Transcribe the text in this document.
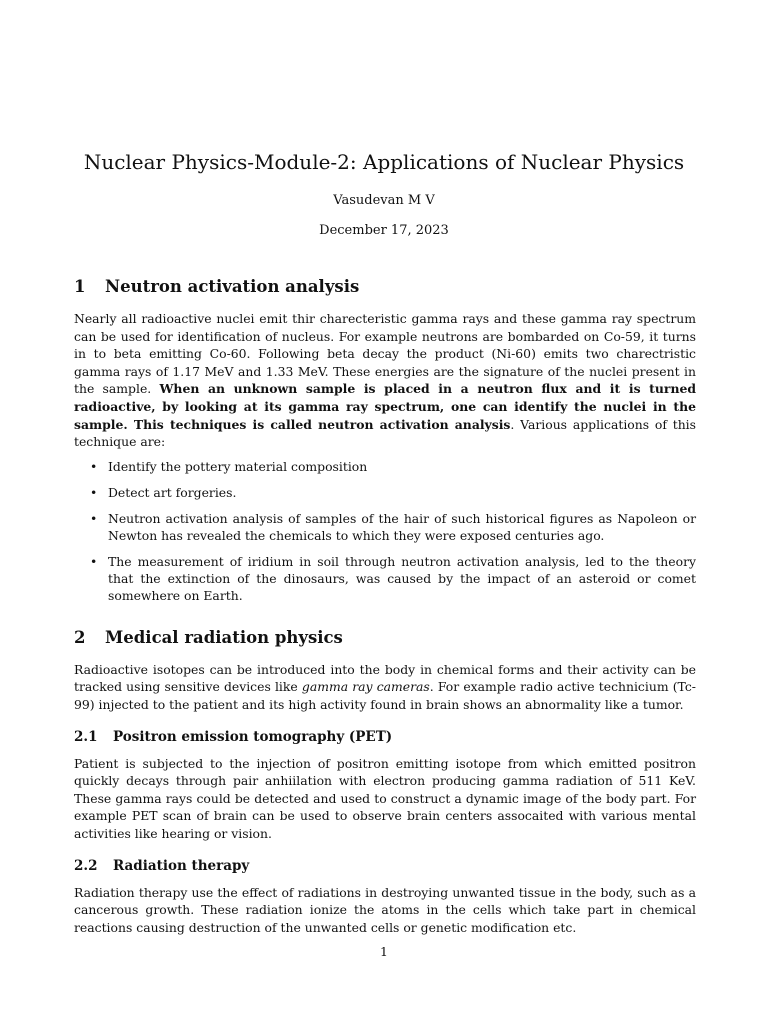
Nuclear Physics-Module-2: Applications of Nuclear Physics
Vasudevan M V
December 17, 2023
1 Neutron activation analysis

Nearly all radioactive nuclei emit thir charecteristic gamma rays and these gamma ray spectrum can be used for identification of nucleus. For example neutrons are bombarded on Co-59, it turns in to beta emitting Co-60. Following beta decay the product (Ni-60) emits two charectristic gamma rays of 1.17 MeV and 1.33 MeV. These energies are the signature of the nuclei present in the sample. When an unknown sample is placed in a neutron flux and it is turned radioactive, by looking at its gamma ray spectrum, one can identify the nuclei in the sample. This techniques is called neutron activation analysis. Various applications of this technique are:

• Identify the pottery material composition
• Detect art forgeries.
• Neutron activation analysis of samples of the hair of such historical figures as Napoleon or Newton has revealed the chemicals to which they were exposed centuries ago.
• The measurement of iridium in soil through neutron activation analysis, led to the theory that the extinction of the dinosaurs, was caused by the impact of an asteroid or comet somewhere on Earth.
2 Medical radiation physics

Radioactive isotopes can be introduced into the body in chemical forms and their activity can be tracked using sensitive devices like gamma ray cameras. For example radio active technicium (Tc-99) injected to the patient and its high activity found in brain shows an abnormality like a tumor.

2.1 Positron emission tomography (PET)

Patient is subjected to the injection of positron emitting isotope from which emitted positron quickly decays through pair anhiilation with electron producing gamma radiation of 511 KeV. These gamma rays could be detected and used to construct a dynamic image of the body part. For example PET scan of brain can be used to observe brain centers assocaited with various mental activities like hearing or vision.

2.2 Radiation therapy

Radiation therapy use the effect of radiations in destroying unwanted tissue in the body, such as a cancerous growth. These radiation ionize the atoms in the cells which take part in chemical reactions causing destruction of the unwanted cells or genetic modification etc.

1
